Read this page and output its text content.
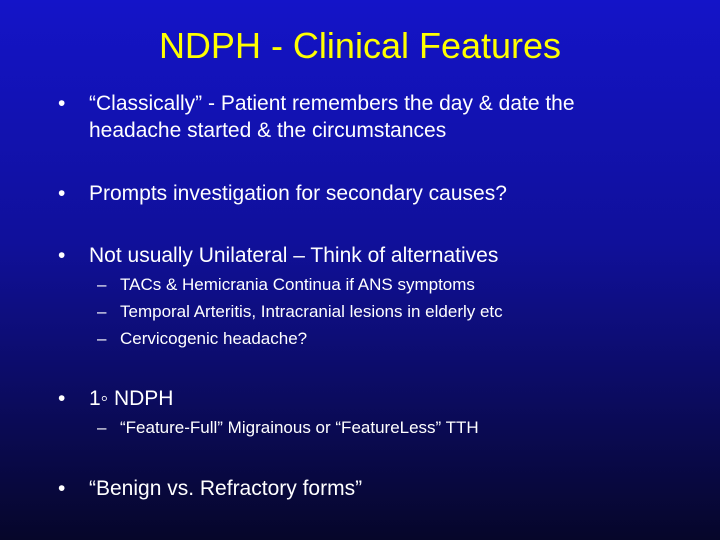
NDPH - Clinical Features
• “Classically” - Patient remembers the day & date the
headache started & the circumstances
• Prompts investigation for secondary causes?
• Not usually Unilateral – Think of alternatives
– TACs & Hemicrania Continua if ANS symptoms
– Temporal Arteritis, Intracranial lesions in elderly etc
– Cervicogenic headache?
• 1◦ NDPH
– “Feature-Full” Migrainous or “FeatureLess” TTH
• “Benign vs. Refractory forms”
